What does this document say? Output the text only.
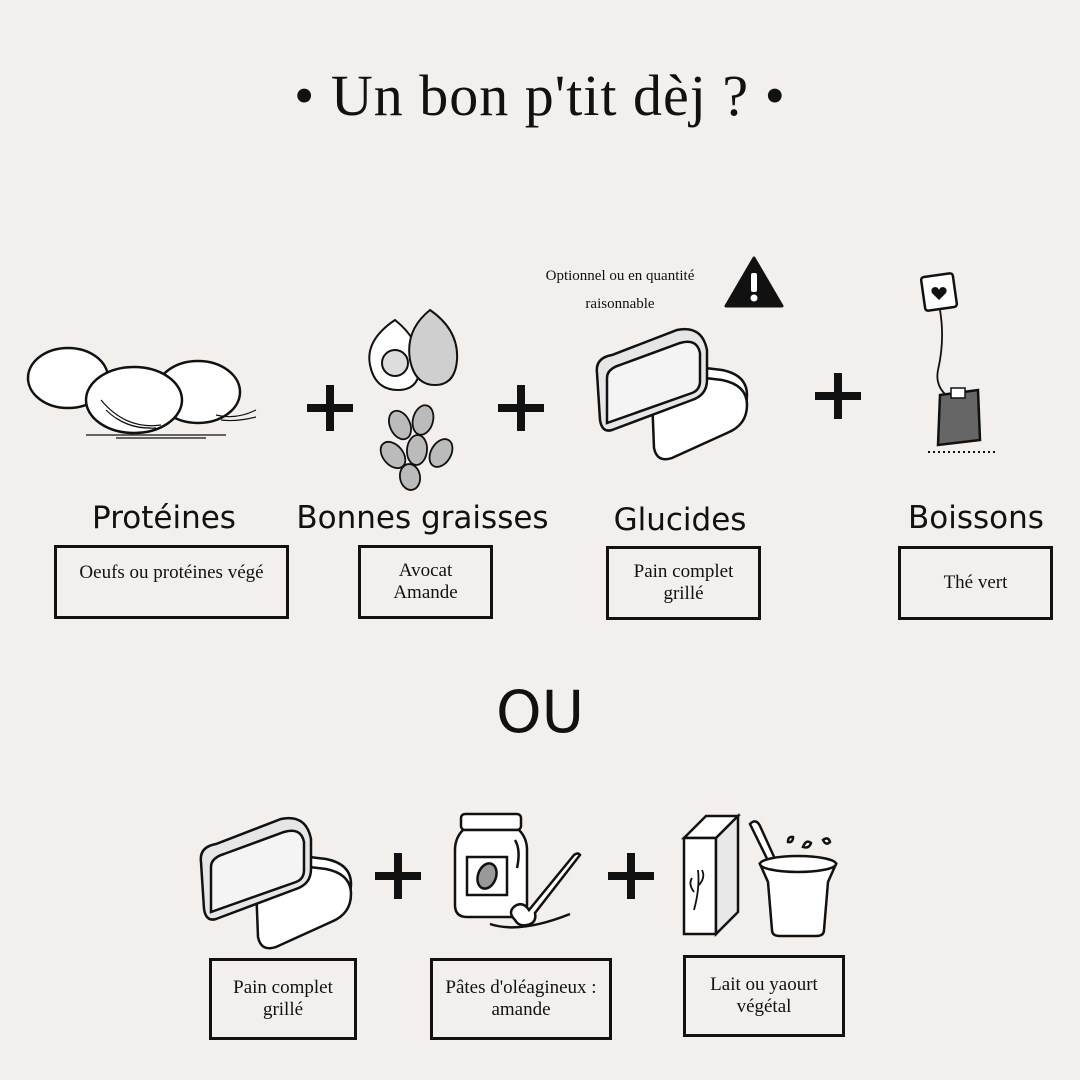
• Un bon p'tit dèj ? •
Optionnel ou en quantité raisonnable
Protéines	Bonnes graisses	Glucides	Boissons
Oeufs ou protéines végé	Avocat
Amande
Pain complet
grillé
Thé vert
OU
Pain complet
grillé
Pâtes d'oléagineux :
amande
Lait ou yaourt
végétal
